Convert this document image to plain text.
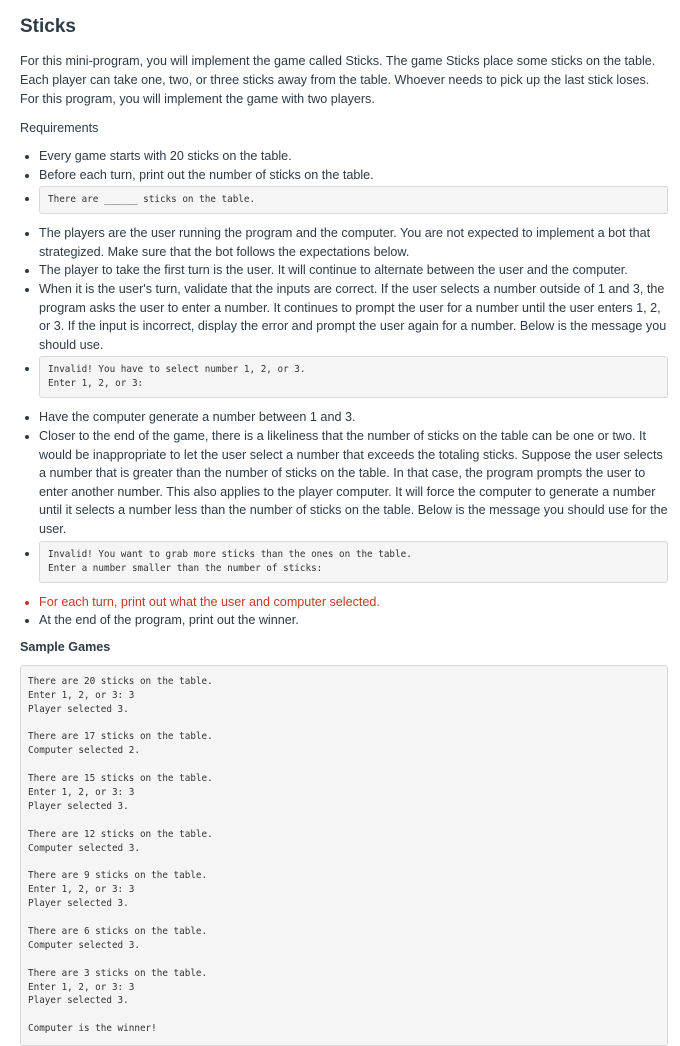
Sticks

For this mini-program, you will implement the game called Sticks. The game Sticks place some sticks on the table. Each player can take one, two, or three sticks away from the table. Whoever needs to pick up the last stick loses. For this program, you will implement the game with two players.

Requirements

• Every game starts with 20 sticks on the table.
• Before each turn, print out the number of sticks on the table.
• There are ______ sticks on the table.
• The players are the user running the program and the computer. You are not expected to implement a bot that strategized. Make sure that the bot follows the expectations below.
• The player to take the first turn is the user. It will continue to alternate between the user and the computer.
• When it is the user's turn, validate that the inputs are correct. If the user selects a number outside of 1 and 3, the program asks the user to enter a number. It continues to prompt the user for a number until the user enters 1, 2, or 3. If the input is incorrect, display the error and prompt the user again for a number. Below is the message you should use.
• Invalid! You have to select number 1, 2, or 3.
Enter 1, 2, or 3:
• Have the computer generate a number between 1 and 3.
• Closer to the end of the game, there is a likeliness that the number of sticks on the table can be one or two. It would be inappropriate to let the user select a number that exceeds the totaling sticks. Suppose the user selects a number that is greater than the number of sticks on the table. In that case, the program prompts the user to enter another number. This also applies to the player computer. It will force the computer to generate a number until it selects a number less than the number of sticks on the table. Below is the message you should use for the user.
• Invalid! You want to grab more sticks than the ones on the table.
Enter a number smaller than the number of sticks:
• For each turn, print out what the user and computer selected.
• At the end of the program, print out the winner.
Sample Games
There are 20 sticks on the table.
Enter 1, 2, or 3: 3
Player selected 3.
There are 17 sticks on the table.
Computer selected 2.
There are 15 sticks on the table.
Enter 1, 2, or 3: 3
Player selected 3.
There are 12 sticks on the table.
Computer selected 3.
There are 9 sticks on the table.
Enter 1, 2, or 3: 3
Player selected 3.
There are 6 sticks on the table.
Computer selected 3.
There are 3 sticks on the table.
Enter 1, 2, or 3: 3
Player selected 3.
Computer is the winner!
